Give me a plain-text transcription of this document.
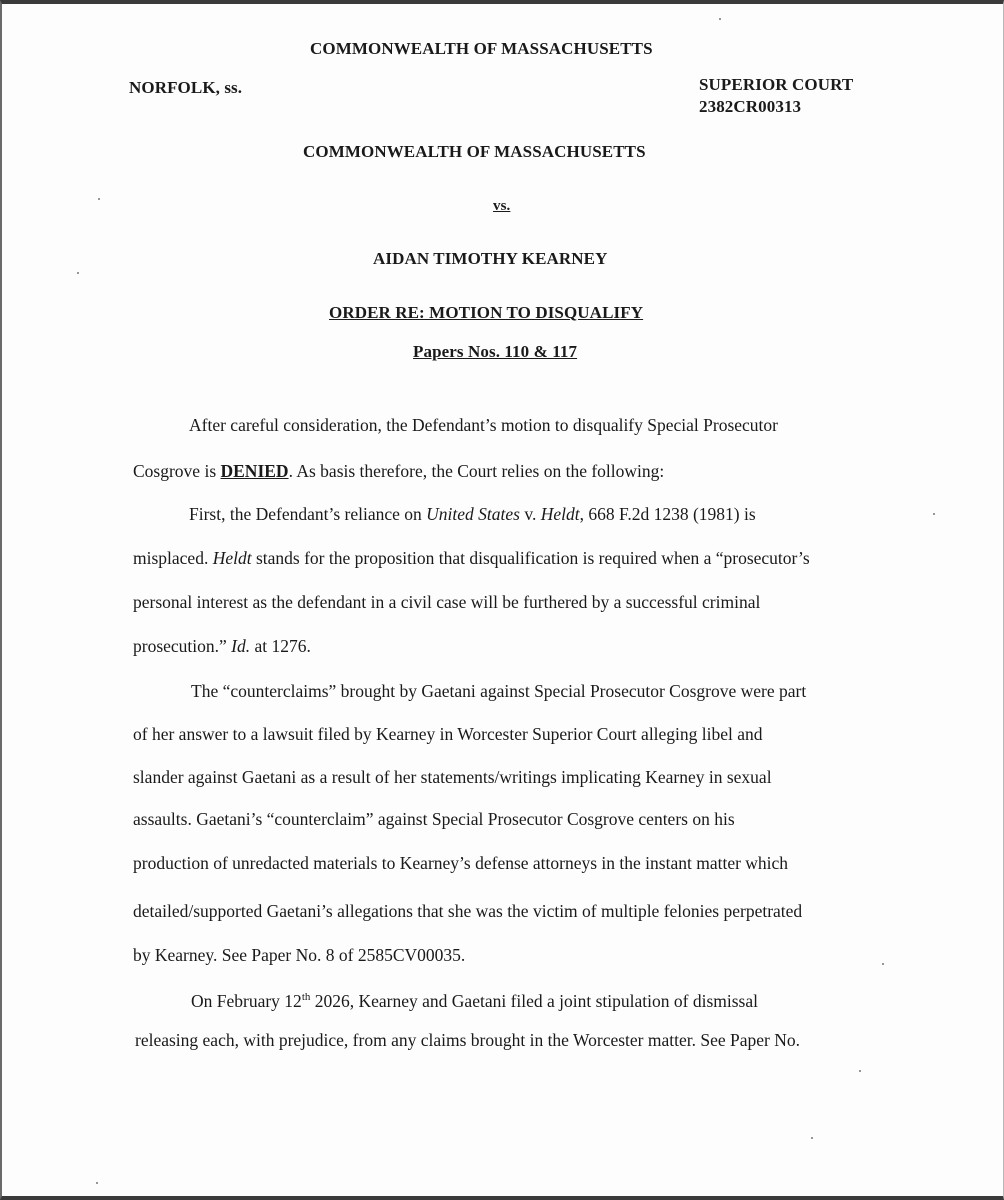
COMMONWEALTH OF MASSACHUSETTS
NORFOLK, ss.	SUPERIOR COURT
2382CR00313
COMMONWEALTH OF MASSACHUSETTS
vs.
AIDAN TIMOTHY KEARNEY
ORDER RE: MOTION TO DISQUALIFY
Papers Nos. 110 & 117
After careful consideration, the Defendant’s motion to disqualify Special Prosecutor
Cosgrove is DENIED. As basis therefore, the Court relies on the following:
First, the Defendant’s reliance on United States v. Heldt, 668 F.2d 1238 (1981) is
misplaced. Heldt stands for the proposition that disqualification is required when a “prosecutor’s
personal interest as the defendant in a civil case will be furthered by a successful criminal
prosecution.” Id. at 1276.
The “counterclaims” brought by Gaetani against Special Prosecutor Cosgrove were part
of her answer to a lawsuit filed by Kearney in Worcester Superior Court alleging libel and
slander against Gaetani as a result of her statements/writings implicating Kearney in sexual
assaults. Gaetani’s “counterclaim” against Special Prosecutor Cosgrove centers on his
production of unredacted materials to Kearney’s defense attorneys in the instant matter which
detailed/supported Gaetani’s allegations that she was the victim of multiple felonies perpetrated
by Kearney. See Paper No. 8 of 2585CV00035.
On February 12th 2026, Kearney and Gaetani filed a joint stipulation of dismissal
releasing each, with prejudice, from any claims brought in the Worcester matter. See Paper No.
